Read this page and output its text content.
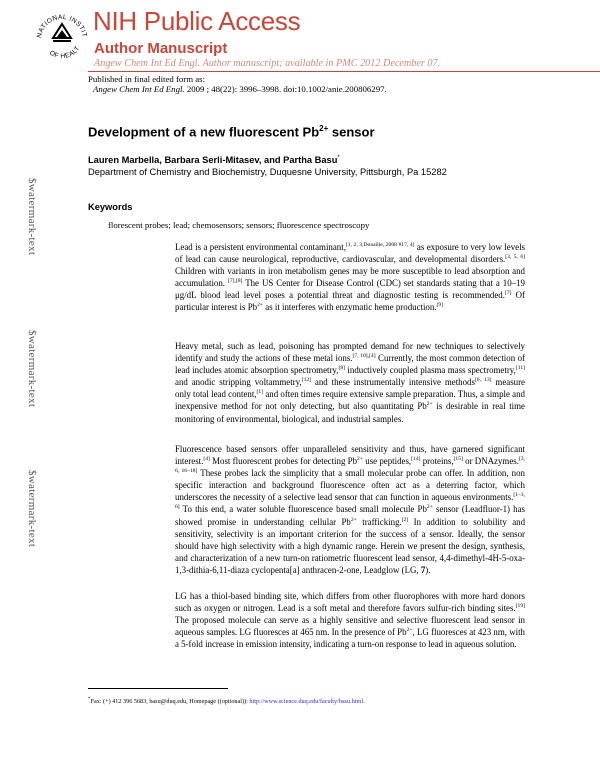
NATIONAL INSTIT
OF HEALT
NIH Public Access
Author Manuscript
Angew Chem Int Ed Engl. Author manuscript; available in PMC 2012 December 07.
Published in final edited form as:
Angew Chem Int Ed Engl. 2009 ; 48(22): 3996–3998. doi:10.1002/anie.200806297.
Development of a new fluorescent $Pb^{2+}$ sensor
Lauren Marbella, Barbara Serli-Mitasev, and Partha Basu*
Department of Chemistry and Biochemistry, Duquesne University, Pittsburgh, Pa 15282
Keywords
florescent probes; lead; chemosensors; sensors; fluorescence spectroscopy
$watermark-text
$watermark-text
$watermark-text
Lead is a persistent environmental contaminant,[1, 2, 3,Donaille, 2008 #17, 4] as exposure to very low levels of lead can cause neurological, reproductive, cardiovascular, and developmental disorders.[3, 5, 6] Children with variants in iron metabolism genes may be more susceptible to lead absorption and accumulation. [7],[8] The US Center for Disease Control (CDC) set standards stating that a 10–19 μg/dL blood lead level poses a potential threat and diagnostic testing is recommended.[7] Of particular interest is $Pb^{2+}$ as it interferes with enzymatic heme production.[9]
Heavy metal, such as lead, poisoning has prompted demand for new techniques to selectively identify and study the actions of these metal ions.[7, 10],[4] Currently, the most common detection of lead includes atomic absorption spectrometry,[8] inductively coupled plasma mass spectrometry,[11] and anodic stripping voltammetry,[12] and these instrumentally intensive methods[6, 13] measure only total lead content,[1] and often times require extensive sample preparation. Thus, a simple and inexpensive method for not only detecting, but also quantitating $Pb^{2+}$ is desirable in real time monitoring of environmental, biological, and industrial samples.
Fluorescence based sensors offer unparalleled sensitivity and thus, have garnered significant interest.[4] Most fluorescent probes for detecting $Pb^{2+}$ use peptides,[14] proteins,[15] or DNAzymes.[3, 6, 16–18] These probes lack the simplicity that a small molecular probe can offer. In addition, non specific interaction and background fluorescence often act as a deterring factor, which underscores the necessity of a selective lead sensor that can function in aqueous environments.[1–3, 6] To this end, a water soluble fluorescence based small molecule $Pb^{2+}$ sensor (Leadfluor-1) has showed promise in understanding cellular $Pb^{2+}$ trafficking.[2] In addition to solubility and sensitivity, selectivity is an important criterion for the success of a sensor. Ideally, the sensor should have high selectivity with a high dynamic range. Herein we present the design, synthesis, and characterization of a new turn-on ratiometric fluorescent lead sensor, 4,4-dimethyl-4H-5-oxa-1,3-dithia-6,11-diaza cyclopenta[a] anthracen-2-one, Leadglow (LG, 7).
LG has a thiol-based binding site, which differs from other fluorophores with more hard donors such as oxygen or nitrogen. Lead is a soft metal and therefore favors sulfur-rich binding sites.[19] The proposed molecule can serve as a highly sensitive and selective fluorescent lead sensor in aqueous samples. LG fluoresces at 465 nm. In the presence of $Pb^{2+}$, LG fluoresces at 423 nm, with a 5-fold increase in emission intensity, indicating a turn-on response to lead in aqueous solution.
*Fax: (+) 412 396 5683, basu@duq.edu, Homepage ((optional)): http://www.science.duq.edu/faculty/basu.html.
